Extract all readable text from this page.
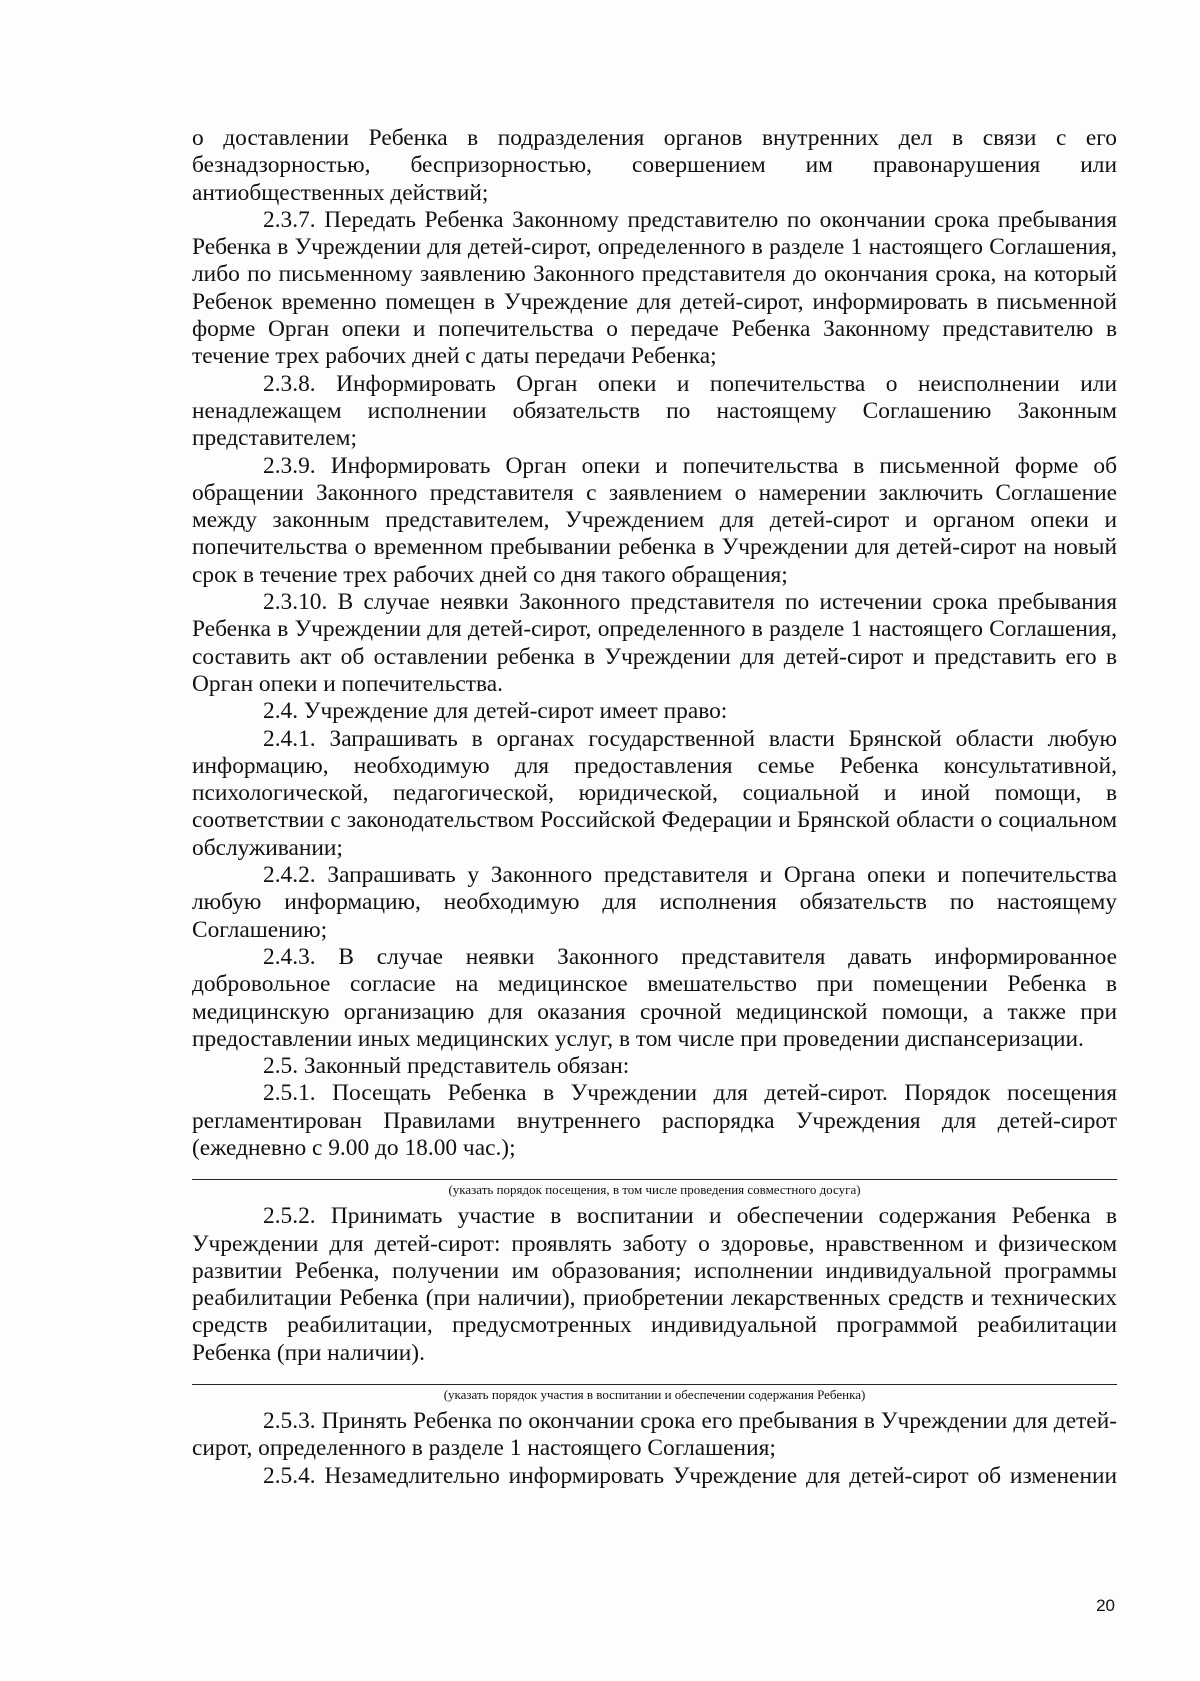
о доставлении Ребенка в подразделения органов внутренних дел в связи с его безнадзорностью, беспризорностью, совершением им правонарушения или антиобщественных действий;

2.3.7. Передать Ребенка Законному представителю по окончании срока пребывания Ребенка в Учреждении для детей-сирот, определенного в разделе 1 настоящего Соглашения, либо по письменному заявлению Законного представителя до окончания срока, на который Ребенок временно помещен в Учреждение для детей-сирот, информировать в письменной форме Орган опеки и попечительства о передаче Ребенка Законному представителю в течение трех рабочих дней с даты передачи Ребенка;

2.3.8. Информировать Орган опеки и попечительства о неисполнении или ненадлежащем исполнении обязательств по настоящему Соглашению Законным представителем;

2.3.9. Информировать Орган опеки и попечительства в письменной форме об обращении Законного представителя с заявлением о намерении заключить Соглашение между законным представителем, Учреждением для детей-сирот и органом опеки и попечительства о временном пребывании ребенка в Учреждении для детей-сирот на новый срок в течение трех рабочих дней со дня такого обращения;

2.3.10. В случае неявки Законного представителя по истечении срока пребывания Ребенка в Учреждении для детей-сирот, определенного в разделе 1 настоящего Соглашения, составить акт об оставлении ребенка в Учреждении для детей-сирот и представить его в Орган опеки и попечительства.

2.4. Учреждение для детей-сирот имеет право:

2.4.1. Запрашивать в органах государственной власти Брянской области любую информацию, необходимую для предоставления семье Ребенка консультативной, психологической, педагогической, юридической, социальной и иной помощи, в соответствии с законодательством Российской Федерации и Брянской области о социальном обслуживании;

2.4.2. Запрашивать у Законного представителя и Органа опеки и попечительства любую информацию, необходимую для исполнения обязательств по настоящему Соглашению;

2.4.3. В случае неявки Законного представителя давать информированное добровольное согласие на медицинское вмешательство при помещении Ребенка в медицинскую организацию для оказания срочной медицинской помощи, а также при предоставлении иных медицинских услуг, в том числе при проведении диспансеризации.

2.5. Законный представитель обязан:

2.5.1. Посещать Ребенка в Учреждении для детей-сирот. Порядок посещения регламентирован Правилами внутреннего распорядка Учреждения для детей-сирот (ежедневно с 9.00 до 18.00 час.);

(указать порядок посещения, в том числе проведения совместного досуга)

2.5.2. Принимать участие в воспитании и обеспечении содержания Ребенка в Учреждении для детей-сирот: проявлять заботу о здоровье, нравственном и физическом развитии Ребенка, получении им образования; исполнении индивидуальной программы реабилитации Ребенка (при наличии), приобретении лекарственных средств и технических средств реабилитации, предусмотренных индивидуальной программой реабилитации Ребенка (при наличии).

(указать порядок участия в воспитании и обеспечении содержания Ребенка)

2.5.3. Принять Ребенка по окончании срока его пребывания в Учреждении для детей-сирот, определенного в разделе 1 настоящего Соглашения;

2.5.4. Незамедлительно информировать Учреждение для детей-сирот об изменении

20
